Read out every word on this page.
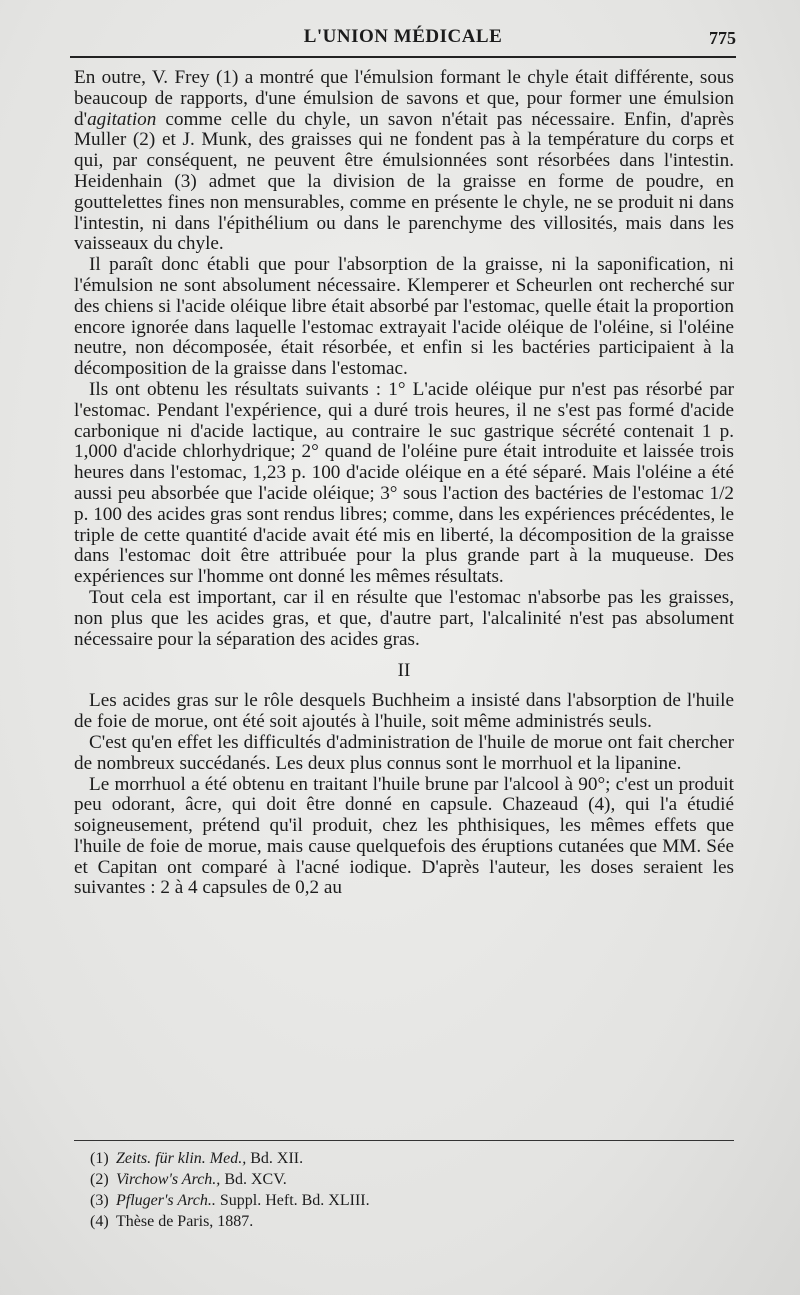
L'UNION MÉDICALE	775

En outre, V. Frey (1) a montré que l'émulsion formant le chyle était différente, sous beaucoup de rapports, d'une émulsion de savons et que, pour former une émulsion d'agitation comme celle du chyle, un savon n'était pas nécessaire. Enfin, d'après Muller (2) et J. Munk, des graisses qui ne fondent pas à la température du corps et qui, par conséquent, ne peuvent être émulsionnées sont résorbées dans l'intestin. Heidenhain (3) admet que la division de la graisse en forme de poudre, en gouttelettes fines non mensurables, comme en présente le chyle, ne se produit ni dans l'intestin, ni dans l'épithélium ou dans le parenchyme des villosités, mais dans les vaisseaux du chyle.

Il paraît donc établi que pour l'absorption de la graisse, ni la saponification, ni l'émulsion ne sont absolument nécessaire. Klemperer et Scheurlen ont recherché sur des chiens si l'acide oléique libre était absorbé par l'estomac, quelle était la proportion encore ignorée dans laquelle l'estomac extrayait l'acide oléique de l'oléine, si l'oléine neutre, non décomposée, était résorbée, et enfin si les bactéries participaient à la décomposition de la graisse dans l'estomac.

Ils ont obtenu les résultats suivants : 1° L'acide oléique pur n'est pas résorbé par l'estomac. Pendant l'expérience, qui a duré trois heures, il ne s'est pas formé d'acide carbonique ni d'acide lactique, au contraire le suc gastrique sécrété contenait 1 p. 1,000 d'acide chlorhydrique; 2° quand de l'oléine pure était introduite et laissée trois heures dans l'estomac, 1,23 p. 100 d'acide oléique en a été séparé. Mais l'oléine a été aussi peu absorbée que l'acide oléique; 3° sous l'action des bactéries de l'estomac 1/2 p. 100 des acides gras sont rendus libres; comme, dans les expériences précédentes, le triple de cette quantité d'acide avait été mis en liberté, la décomposition de la graisse dans l'estomac doit être attribuée pour la plus grande part à la muqueuse. Des expériences sur l'homme ont donné les mêmes résultats.

Tout cela est important, car il en résulte que l'estomac n'absorbe pas les graisses, non plus que les acides gras, et que, d'autre part, l'alcalinité n'est pas absolument nécessaire pour la séparation des acides gras.

II

Les acides gras sur le rôle desquels Buchheim a insisté dans l'absorption de l'huile de foie de morue, ont été soit ajoutés à l'huile, soit même administrés seuls.

C'est qu'en effet les difficultés d'administration de l'huile de morue ont fait chercher de nombreux succédanés. Les deux plus connus sont le morrhuol et la lipanine.

Le morrhuol a été obtenu en traitant l'huile brune par l'alcool à 90°; c'est un produit peu odorant, âcre, qui doit être donné en capsule. Chazeaud (4), qui l'a étudié soigneusement, prétend qu'il produit, chez les phthisiques, les mêmes effets que l'huile de foie de morue, mais cause quelquefois des éruptions cutanées que MM. Sée et Capitan ont comparé à l'acné iodique. D'après l'auteur, les doses seraient les suivantes : 2 à 4 capsules de 0,2 au

(1) Zeits. für klin. Med., Bd. XII.

(2) Virchow's Arch., Bd. XCV.

(3) Pfluger's Arch.. Suppl. Heft. Bd. XLIII.

(4) Thèse de Paris, 1887.
